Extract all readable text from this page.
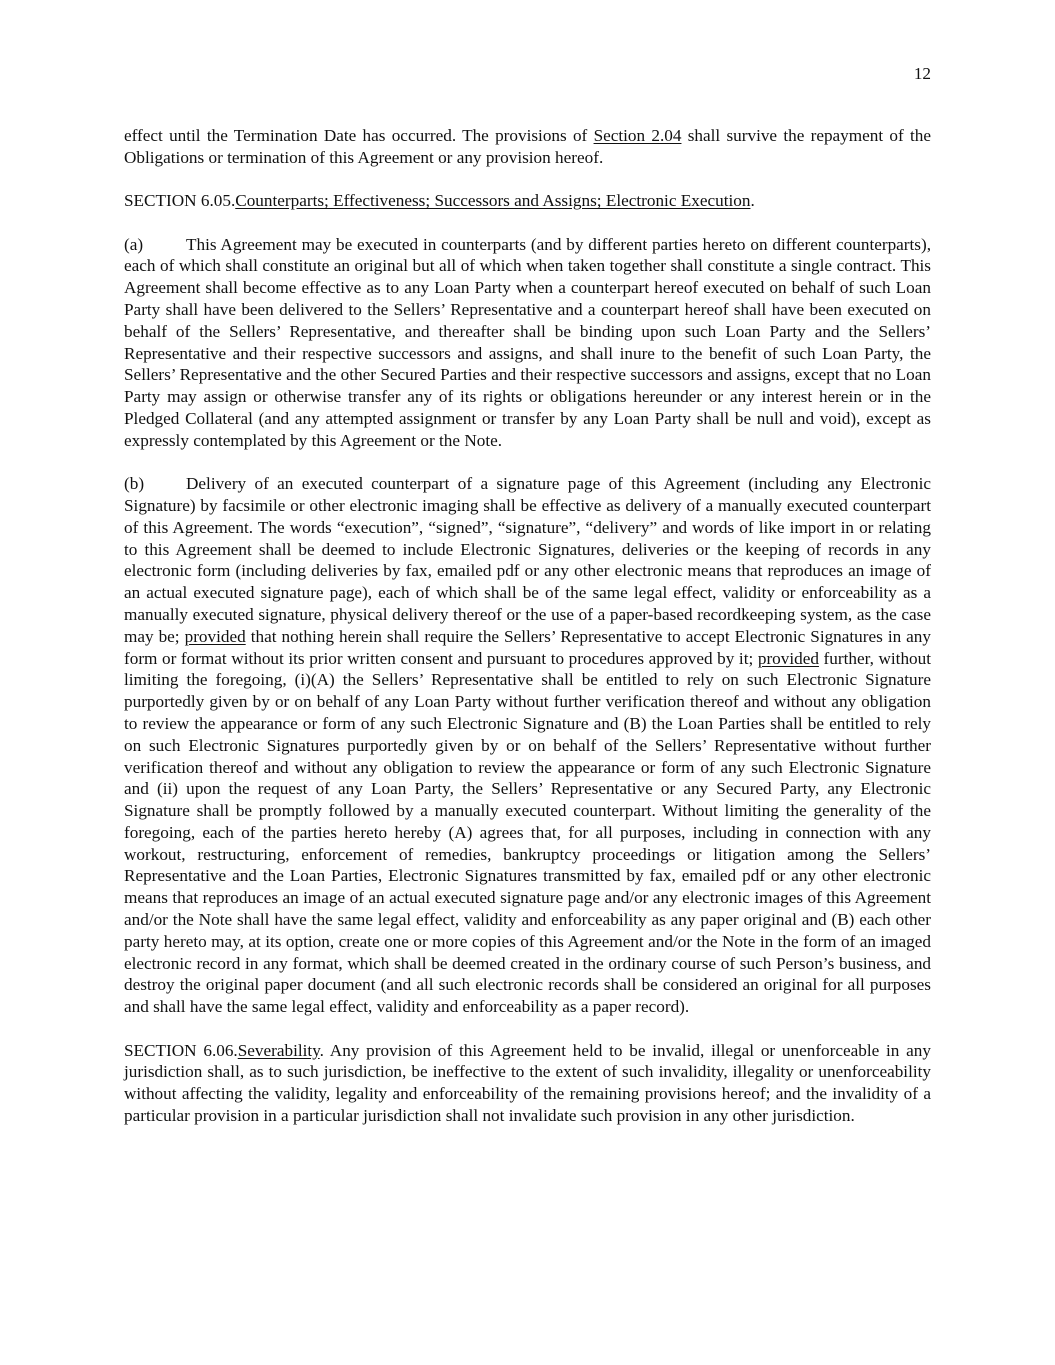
12

effect until the Termination Date has occurred. The provisions of Section 2.04 shall survive the repayment of the Obligations or termination of this Agreement or any provision hereof.

SECTION 6.05.Counterparts; Effectiveness; Successors and Assigns; Electronic Execution.

(a) This Agreement may be executed in counterparts (and by different parties hereto on different counterparts), each of which shall constitute an original but all of which when taken together shall constitute a single contract. This Agreement shall become effective as to any Loan Party when a counterpart hereof executed on behalf of such Loan Party shall have been delivered to the Sellers’ Representative and a counterpart hereof shall have been executed on behalf of the Sellers’ Representative, and thereafter shall be binding upon such Loan Party and the Sellers’ Representative and their respective successors and assigns, and shall inure to the benefit of such Loan Party, the Sellers’ Representative and the other Secured Parties and their respective successors and assigns, except that no Loan Party may assign or otherwise transfer any of its rights or obligations hereunder or any interest herein or in the Pledged Collateral (and any attempted assignment or transfer by any Loan Party shall be null and void), except as expressly contemplated by this Agreement or the Note.

(b) Delivery of an executed counterpart of a signature page of this Agreement (including any Electronic Signature) by facsimile or other electronic imaging shall be effective as delivery of a manually executed counterpart of this Agreement. The words “execution”, “signed”, “signature”, “delivery” and words of like import in or relating to this Agreement shall be deemed to include Electronic Signatures, deliveries or the keeping of records in any electronic form (including deliveries by fax, emailed pdf or any other electronic means that reproduces an image of an actual executed signature page), each of which shall be of the same legal effect, validity or enforceability as a manually executed signature, physical delivery thereof or the use of a paper-based recordkeeping system, as the case may be; provided that nothing herein shall require the Sellers’ Representative to accept Electronic Signatures in any form or format without its prior written consent and pursuant to procedures approved by it; provided further, without limiting the foregoing, (i)(A) the Sellers’ Representative shall be entitled to rely on such Electronic Signature purportedly given by or on behalf of any Loan Party without further verification thereof and without any obligation to review the appearance or form of any such Electronic Signature and (B) the Loan Parties shall be entitled to rely on such Electronic Signatures purportedly given by or on behalf of the Sellers’ Representative without further verification thereof and without any obligation to review the appearance or form of any such Electronic Signature and (ii) upon the request of any Loan Party, the Sellers’ Representative or any Secured Party, any Electronic Signature shall be promptly followed by a manually executed counterpart. Without limiting the generality of the foregoing, each of the parties hereto hereby (A) agrees that, for all purposes, including in connection with any workout, restructuring, enforcement of remedies, bankruptcy proceedings or litigation among the Sellers’ Representative and the Loan Parties, Electronic Signatures transmitted by fax, emailed pdf or any other electronic means that reproduces an image of an actual executed signature page and/or any electronic images of this Agreement and/or the Note shall have the same legal effect, validity and enforceability as any paper original and (B) each other party hereto may, at its option, create one or more copies of this Agreement and/or the Note in the form of an imaged electronic record in any format, which shall be deemed created in the ordinary course of such Person’s business, and destroy the original paper document (and all such electronic records shall be considered an original for all purposes and shall have the same legal effect, validity and enforceability as a paper record).

SECTION 6.06.Severability. Any provision of this Agreement held to be invalid, illegal or unenforceable in any jurisdiction shall, as to such jurisdiction, be ineffective to the extent of such invalidity, illegality or unenforceability without affecting the validity, legality and enforceability of the remaining provisions hereof; and the invalidity of a particular provision in a particular jurisdiction shall not invalidate such provision in any other jurisdiction.
